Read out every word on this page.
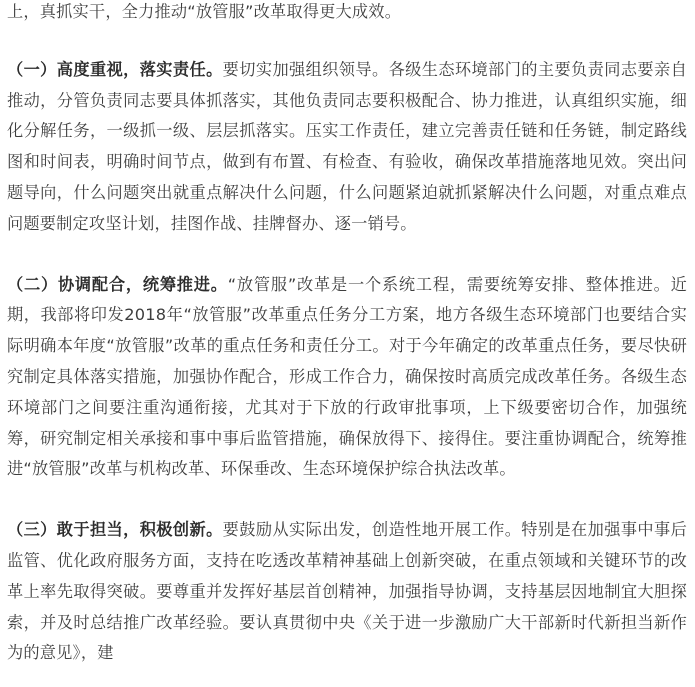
上，真抓实干，全力推动“放管服”改革取得更大成效。

（一）高度重视，落实责任。要切实加强组织领导。各级生态环境部门的主要负责同志要亲自推动，分管负责同志要具体抓落实，其他负责同志要积极配合、协力推进，认真组织实施，细化分解任务，一级抓一级、层层抓落实。压实工作责任，建立完善责任链和任务链，制定路线图和时间表，明确时间节点，做到有布置、有检查、有验收，确保改革措施落地见效。突出问题导向，什么问题突出就重点解决什么问题，什么问题紧迫就抓紧解决什么问题，对重点难点问题要制定攻坚计划，挂图作战、挂牌督办、逐一销号。

（二）协调配合，统筹推进。“放管服”改革是一个系统工程，需要统筹安排、整体推进。近期，我部将印发2018年“放管服”改革重点任务分工方案，地方各级生态环境部门也要结合实际明确本年度“放管服”改革的重点任务和责任分工。对于今年确定的改革重点任务，要尽快研究制定具体落实措施，加强协作配合，形成工作合力，确保按时高质完成改革任务。各级生态环境部门之间要注重沟通衔接，尤其对于下放的行政审批事项，上下级要密切合作，加强统筹，研究制定相关承接和事中事后监管措施，确保放得下、接得住。要注重协调配合，统筹推进“放管服”改革与机构改革、环保垂改、生态环境保护综合执法改革。

（三）敢于担当，积极创新。要鼓励从实际出发，创造性地开展工作。特别是在加强事中事后监管、优化政府服务方面，支持在吃透改革精神基础上创新突破，在重点领域和关键环节的改革上率先取得突破。要尊重并发挥好基层首创精神，加强指导协调，支持基层因地制宜大胆探索，并及时总结推广改革经验。要认真贯彻中央《关于进一步激励广大干部新时代新担当新作为的意见》，建
